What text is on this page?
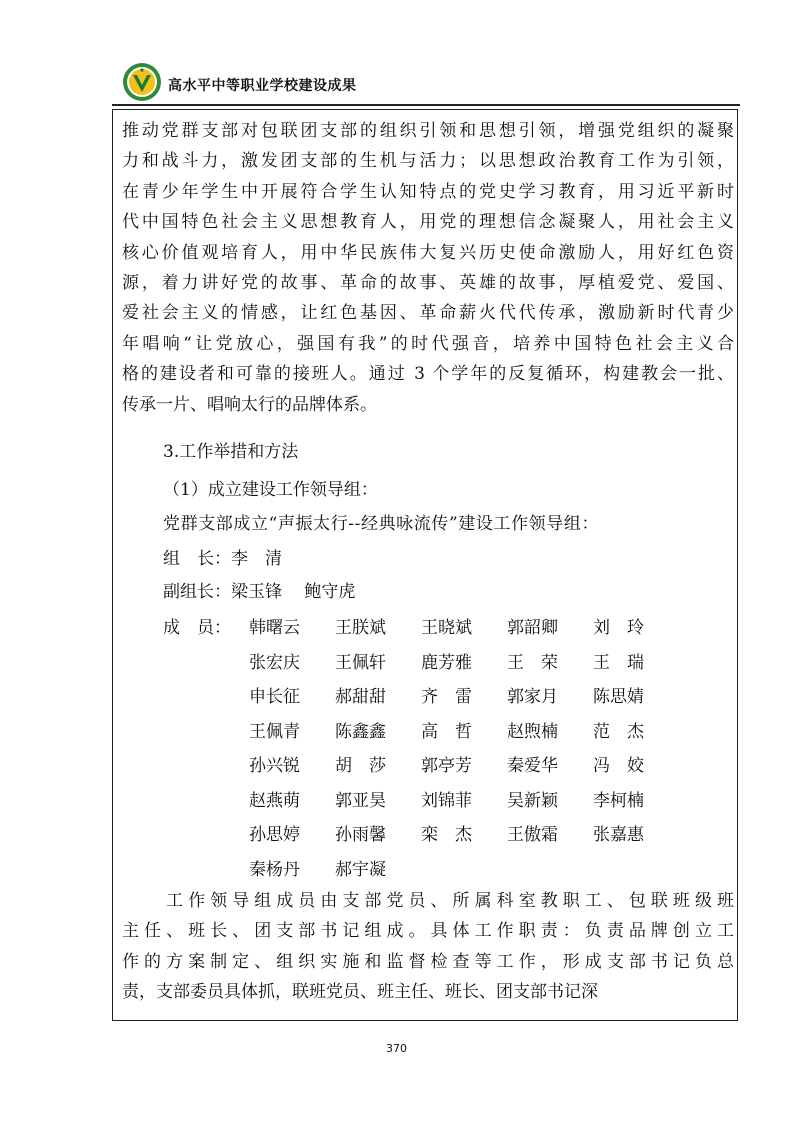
高水平中等职业学校建设成果
推动党群支部对包联团支部的组织引领和思想引领，增强党组织的凝聚
力和战斗力，激发团支部的生机与活力；以思想政治教育工作为引领，
在青少年学生中开展符合学生认知特点的党史学习教育，用习近平新时
代中国特色社会主义思想教育人，用党的理想信念凝聚人，用社会主义
核心价值观培育人，用中华民族伟大复兴历史使命激励人，用好红色资
源，着力讲好党的故事、革命的故事、英雄的故事，厚植爱党、爱国、
爱社会主义的情感，让红色基因、革命薪火代代传承，激励新时代青少
年唱响“让党放心，强国有我”的时代强音，培养中国特色社会主义合
格的建设者和可靠的接班人。通过 3 个学年的反复循环，构建教会一批、
传承一片、唱响太行的品牌体系。
3.工作举措和方法
（1）成立建设工作领导组：
党群支部成立“声振太行--经典咏流传”建设工作领导组：
组　长：李　清
副组长：梁玉锋　 鲍守虎
成　员： 韩曙云 王朕斌 王晓斌 郭韶卿 刘　玲
张宏庆 王佩轩 鹿芳雅 王　荣 王　瑞
申长征 郝甜甜 齐　雷 郭家月 陈思婧
王佩青 陈鑫鑫 高　哲 赵煦楠 范　杰
孙兴锐 胡　莎 郭亭芳 秦爱华 冯　姣
赵燕萌 郭亚昊 刘锦菲 吴新颖 李柯楠
孙思婷 孙雨馨 栾　杰 王傲霜 张嘉惠
秦杨丹 郝宇凝
　　工作领导组成员由支部党员、所属科室教职工、包联班级班
主任、班长、团支部书记组成。具体工作职责：负责品牌创立工
作的方案制定、组织实施和监督检查等工作，形成支部书记负总
责，支部委员具体抓，联班党员、班主任、班长、团支部书记深
370
